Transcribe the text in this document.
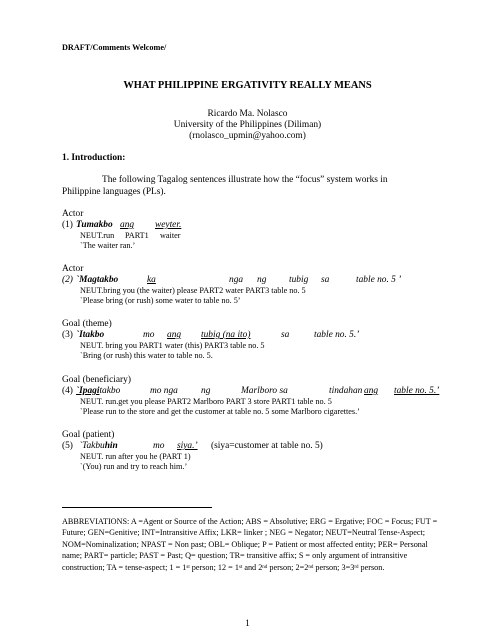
DRAFT/Comments Welcome/
WHAT PHILIPPINE ERGATIVITY REALLY MEANS
Ricardo Ma. Nolasco
University of the Philippines (Diliman)
(rnolasco_upmin@yahoo.com)
1. Introduction:
The following Tagalog sentences illustrate how the “focus” system works in
Philippine languages (PLs).
Actor
(1) Tumakbo ang weyter.
NEUT.run PART1 waiter
`The waiter ran.’
Actor
(2) `Magtakbo	ka	nga ng tubig sa	table no. 5 ’
NEUT.bring you (the waiter) please PART2 water PART3 table no. 5
`Please bring (or rush) some water to table no. 5’
Goal (theme)
(3) `Itakbo	mo ang tubig (na ito)	sa	table no. 5.’
NEUT. bring you PART1 water (this) PART3 table no. 5
`Bring (or rush) this water to table no. 5.
Goal (beneficiary)
(4) `Ipagitakbo	mo nga ng	Marlboro sa	tindahan ang table no. 5.’
NEUT. run.get you please PART2 Marlboro PART 3 store PART1 table no. 5
`Please run to the store and get the customer at table no. 5 some Marlboro cigarettes.’
Goal (patient)
(5) `Takbuhin	mo siya.’ (siya=customer at table no. 5)
NEUT. run after you he (PART 1)
`(You) run and try to reach him.’
ABBREVIATIONS: A =Agent or Source of the Action; ABS = Absolutive; ERG = Ergative; FOC = Focus; FUT = Future; GEN=Genitive; INT=Intransitive Affix; LKR= linker ; NEG = Negator; NEUT=Neutral Tense-Aspect; NOM=Nominalization; NPAST = Non past; OBL= Oblique; P = Patient or most affected entity; PER= Personal name; PART= particle; PAST = Past; Q= question; TR= transitive affix; S = only argument of intransitive construction; TA = tense-aspect; 1 = 1st person; 12 = 1st and 2nd person; 2=2nd person; 3=3rd person.
1
